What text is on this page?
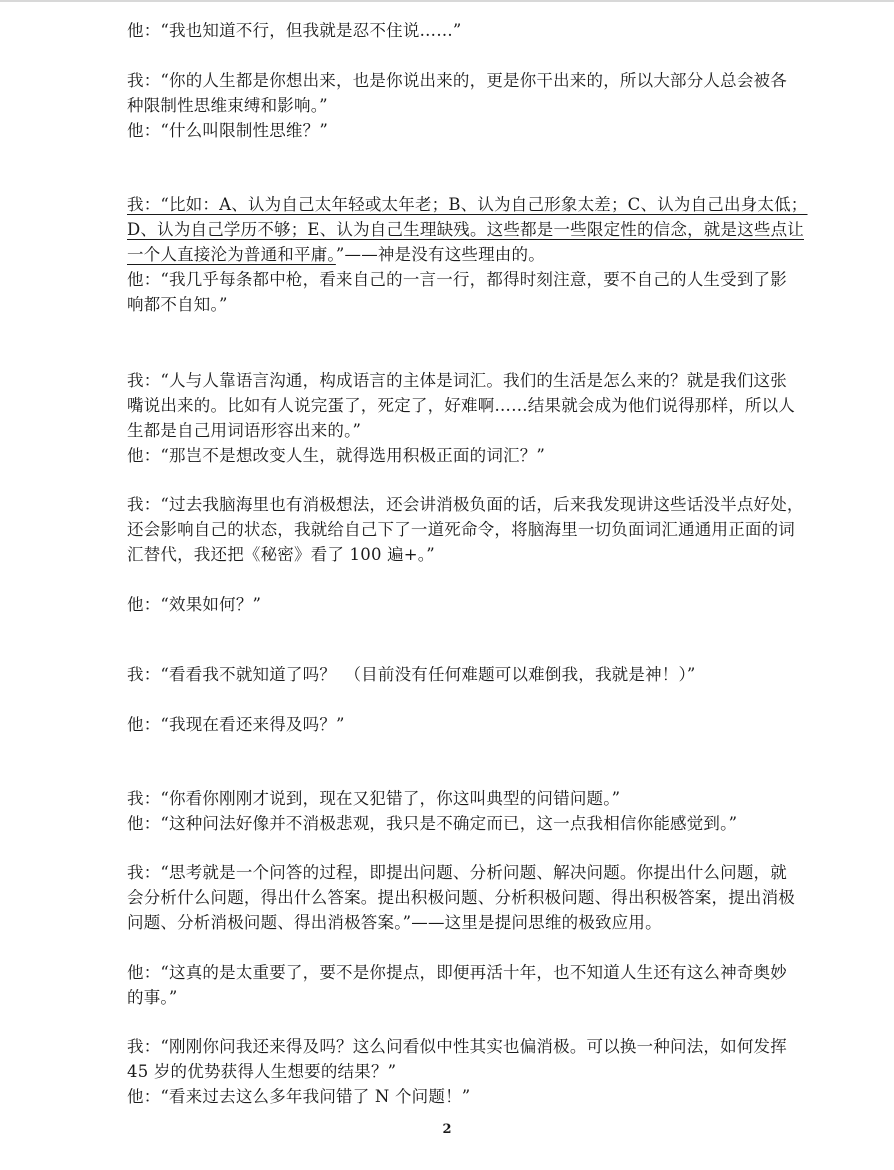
他：“我也知道不行，但我就是忍不住说……”
我：“你的人生都是你想出来，也是你说出来的，更是你干出来的，所以大部分人总会被各
种限制性思维束缚和影响。”
他：“什么叫限制性思维？”
我：“比如：A、认为自己太年轻或太年老；B、认为自己形象太差；C、认为自己出身太低；
D、认为自己学历不够；E、认为自己生理缺残。这些都是一些限定性的信念，就是这些点让
一个人直接沦为普通和平庸。”——神是没有这些理由的。
他：“我几乎每条都中枪，看来自己的一言一行，都得时刻注意，要不自己的人生受到了影
响都不自知。”
我：“人与人靠语言沟通，构成语言的主体是词汇。我们的生活是怎么来的？就是我们这张
嘴说出来的。比如有人说完蛋了，死定了，好难啊……结果就会成为他们说得那样，所以人
生都是自己用词语形容出来的。”
他：“那岂不是想改变人生，就得选用积极正面的词汇？”
我：“过去我脑海里也有消极想法，还会讲消极负面的话，后来我发现讲这些话没半点好处，
还会影响自己的状态，我就给自己下了一道死命令，将脑海里一切负面词汇通通用正面的词
汇替代，我还把《秘密》看了 100 遍+。”
他：“效果如何？”
我：“看看我不就知道了吗？　（目前没有任何难题可以难倒我，我就是神！）”
他：“我现在看还来得及吗？”
我：“你看你刚刚才说到，现在又犯错了，你这叫典型的问错问题。”
他：“这种问法好像并不消极悲观，我只是不确定而已，这一点我相信你能感觉到。”
我：“思考就是一个问答的过程，即提出问题、分析问题、解决问题。你提出什么问题，就
会分析什么问题，得出什么答案。提出积极问题、分析积极问题、得出积极答案，提出消极
问题、分析消极问题、得出消极答案。”——这里是提问思维的极致应用。
他：“这真的是太重要了，要不是你提点，即便再活十年，也不知道人生还有这么神奇奥妙
的事。”
我：“刚刚你问我还来得及吗？这么问看似中性其实也偏消极。可以换一种问法，如何发挥
45 岁的优势获得人生想要的结果？”
他：“看来过去这么多年我问错了 N 个问题！”
2
